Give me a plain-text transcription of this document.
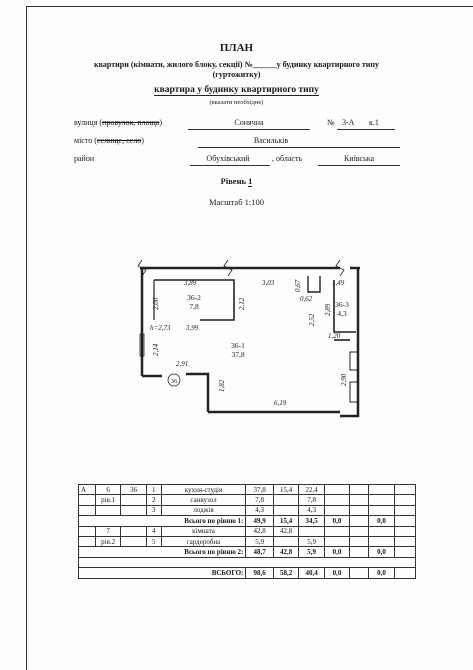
ПЛАН
квартири (кімнати, жилого блоку, секції) №______у будинку квартирного типу
(гуртожитку)
квартира у будинку квартирного типу
(вказати необхідне)
вулиця (провулок, площа)	Сонячна	№ 3-А к.1
місто (селище, село)	Васильків
район	Обухівський	, область	Київська
Рівень 1
Масштаб 1:100
3,89	3,03	0,67	1,49
2,00	2,12	0,62
2,52
2,89
3,99
h=2,73
1,20
2,14
2,91
1,82	2,90
6,19
36
36-2
7,8
36-1
37,8
36-3
4,3
А	6	36	1	кухня-студія	37,8	15,4	22,4				
	рів.1		2	санвузол	7,8		7,8				
			3	лоджія	4,3		4,3				
Всього по рівню 1:					49,9	15,4	34,5	0,0		0,0	
	7		4	кімната	42,8	42,8					
	рів.2		5	гардеробна	5,9		5,9				
Всього по рівню 2:					48,7	42,8	5,9	0,0		0,0	

ВСЬОГО:					98,6	58,2	40,4	0,0		0,0	
